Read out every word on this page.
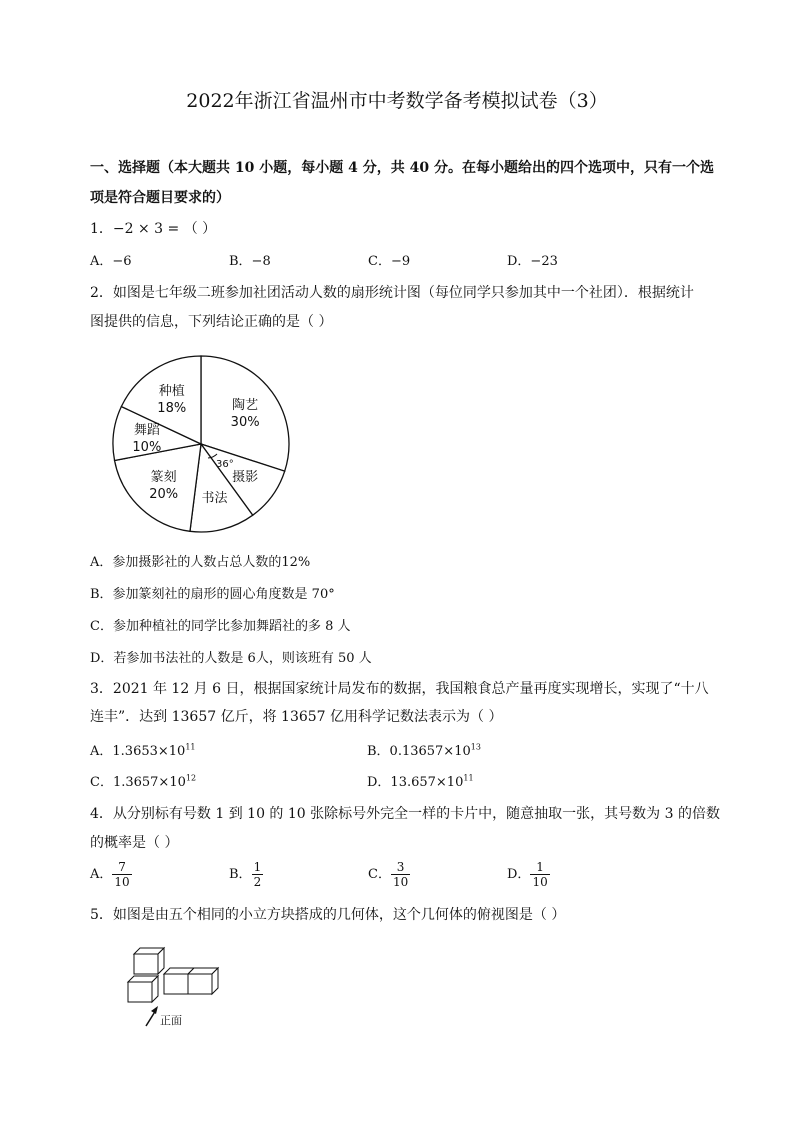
2022年浙江省温州市中考数学备考模拟试卷（3）
一、选择题（本大题共 10 小题，每小题 4 分，共 40 分。在每小题给出的四个选项中，只有一个选
项是符合题目要求的）
1．−2 × 3 = （ ）
A．−6	B．−8	C．−9	D．−23
2．如图是七年级二班参加社团活动人数的扇形统计图（每位同学只参加其中一个社团）．根据统计
图提供的信息，下列结论正确的是（ ）
陶艺
30%
摄影
书法
篆刻
20%
舞蹈
10%
种植
18%
36°
A．参加摄影社的人数占总人数的12%
B．参加篆刻社的扇形的圆心角度数是 70°
C．参加种植社的同学比参加舞蹈社的多 8 人
D．若参加书法社的人数是 6人，则该班有 50 人
3．2021 年 12 月 6 日，根据国家统计局发布的数据，我国粮食总产量再度实现增长，实现了“十八
连丰”．达到 13657 亿斤，将 13657 亿用科学记数法表示为（ ）
A．$1.3653\times 10^{11}$	B．$0.13657\times 10^{13}$
C．$1.3657\times 10^{12}$	D．$13.657\times 10^{11}$
4．从分别标有号数 1 到 10 的 10 张除标号外完全一样的卡片中，随意抽取一张，其号数为 3 的倍数
的概率是（ ）
A． $\frac{7}{10}$	B． $\frac{1}{2}$	C． $\frac{3}{10}$	D． $\frac{1}{10}$
5．如图是由五个相同的小立方块搭成的几何体，这个几何体的俯视图是（ ）
正面
